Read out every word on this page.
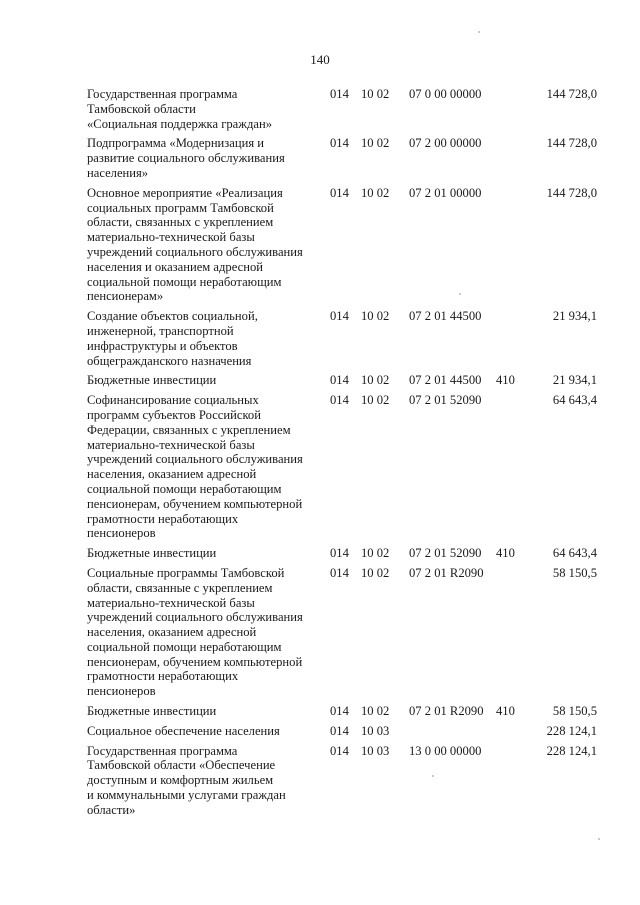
140
Государственная программа
Тамбовской области
«Социальная поддержка граждан»
014 10 02 07 0 00 00000	144 728,0
Подпрограмма «Модернизация и
развитие социального обслуживания
населения»
014 10 02 07 2 00 00000	144 728,0
Основное мероприятие «Реализация
социальных программ Тамбовской
области, связанных с укреплением
материально-технической базы
учреждений социального обслуживания
населения и оказанием адресной
социальной помощи неработающим
пенсионерам»
014 10 02 07 2 01 00000	144 728,0
Создание объектов социальной,
инженерной, транспортной
инфраструктуры и объектов
общегражданского назначения
014 10 02 07 2 01 44500	21 934,1
Бюджетные инвестиции	014 10 02 07 2 01 44500 410	21 934,1
Софинансирование социальных
программ субъектов Российской
Федерации, связанных с укреплением
материально-технической базы
учреждений социального обслуживания
населения, оказанием адресной
социальной помощи неработающим
пенсионерам, обучением компьютерной
грамотности неработающих
пенсионеров
014 10 02 07 2 01 52090	64 643,4
Бюджетные инвестиции	014 10 02 07 2 01 52090 410	64 643,4
Социальные программы Тамбовской
области, связанные с укреплением
материально-технической базы
учреждений социального обслуживания
населения, оказанием адресной
социальной помощи неработающим
пенсионерам, обучением компьютерной
грамотности неработающих
пенсионеров
014 10 02 07 2 01 R2090	58 150,5
Бюджетные инвестиции	014 10 02 07 2 01 R2090 410	58 150,5
Социальное обеспечение населения	014 10 03	228 124,1
Государственная программа
Тамбовской области «Обеспечение
доступным и комфортным жильем
и коммунальными услугами граждан
области»
014 10 03 13 0 00 00000	228 124,1
